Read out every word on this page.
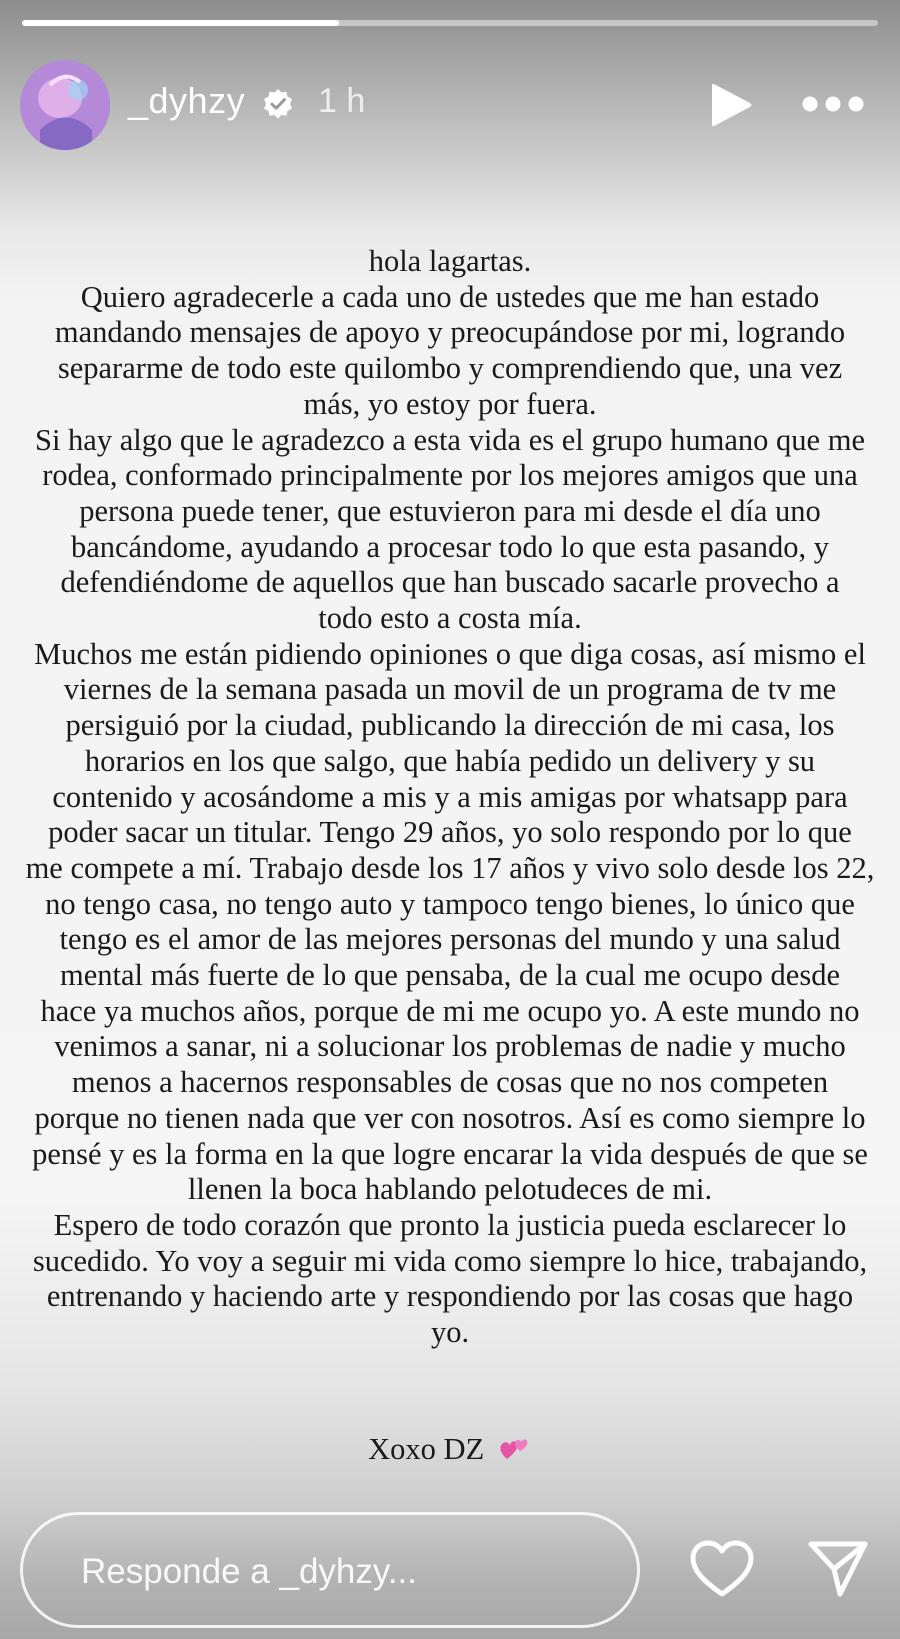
_dyhzy 1 h
hola lagartas.
Quiero agradecerle a cada uno de ustedes que me han estado
mandando mensajes de apoyo y preocupándose por mi, logrando
separarme de todo este quilombo y comprendiendo que, una vez
más, yo estoy por fuera.
Si hay algo que le agradezco a esta vida es el grupo humano que me
rodea, conformado principalmente por los mejores amigos que una
persona puede tener, que estuvieron para mi desde el día uno
bancándome, ayudando a procesar todo lo que esta pasando, y
defendiéndome de aquellos que han buscado sacarle provecho a
todo esto a costa mía.
Muchos me están pidiendo opiniones o que diga cosas, así mismo el
viernes de la semana pasada un movil de un programa de tv me
persiguió por la ciudad, publicando la dirección de mi casa, los
horarios en los que salgo, que había pedido un delivery y su
contenido y acosándome a mis y a mis amigas por whatsapp para
poder sacar un titular. Tengo 29 años, yo solo respondo por lo que
me compete a mí. Trabajo desde los 17 años y vivo solo desde los 22,
no tengo casa, no tengo auto y tampoco tengo bienes, lo único que
tengo es el amor de las mejores personas del mundo y una salud
mental más fuerte de lo que pensaba, de la cual me ocupo desde
hace ya muchos años, porque de mi me ocupo yo. A este mundo no
venimos a sanar, ni a solucionar los problemas de nadie y mucho
menos a hacernos responsables de cosas que no nos competen
porque no tienen nada que ver con nosotros. Así es como siempre lo
pensé y es la forma en la que logre encarar la vida después de que se
llenen la boca hablando pelotudeces de mi.
Espero de todo corazón que pronto la justicia pueda esclarecer lo
sucedido. Yo voy a seguir mi vida como siempre lo hice, trabajando,
entrenando y haciendo arte y respondiendo por las cosas que hago
yo.
Xoxo DZ
Responde a _dyhzy...
